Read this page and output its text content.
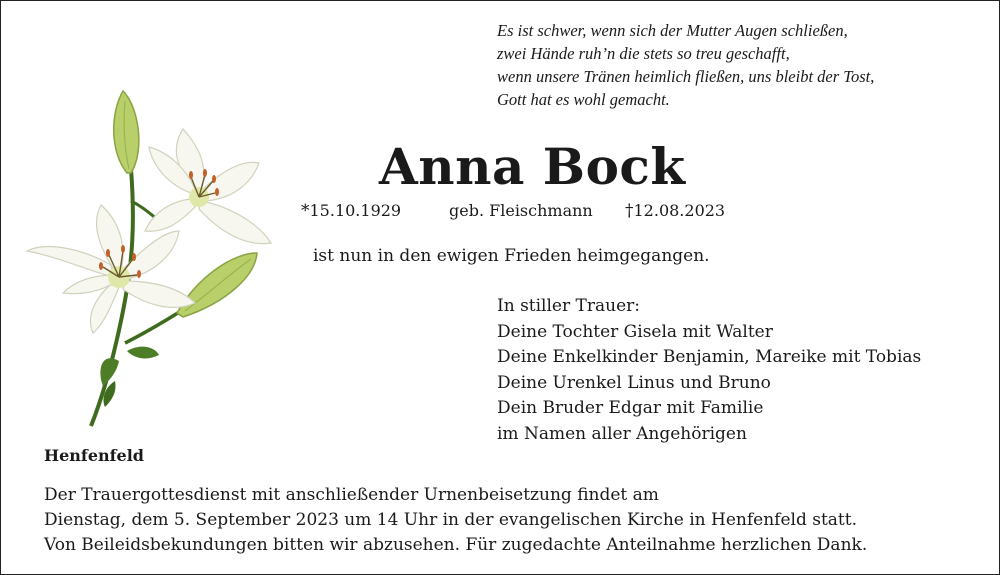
Es ist schwer, wenn sich der Mutter Augen schließen,
zwei Hände ruh’n die stets so treu geschafft,
wenn unsere Tränen heimlich fließen, uns bleibt der Tost,
Gott hat es wohl gemacht.
Anna Bock
*15.10.1929	geb. Fleischmann †12.08.2023
ist nun in den ewigen Frieden heimgegangen.
In stiller Trauer:
Deine Tochter Gisela mit Walter
Deine Enkelkinder Benjamin, Mareike mit Tobias
Deine Urenkel Linus und Bruno
Dein Bruder Edgar mit Familie
im Namen aller Angehörigen
Henfenfeld
Der Trauergottesdienst mit anschließender Urnenbeisetzung findet am
Dienstag, dem 5. September 2023 um 14 Uhr in der evangelischen Kirche in Henfenfeld statt.
Von Beileidsbekundungen bitten wir abzusehen. Für zugedachte Anteilnahme herzlichen Dank.
